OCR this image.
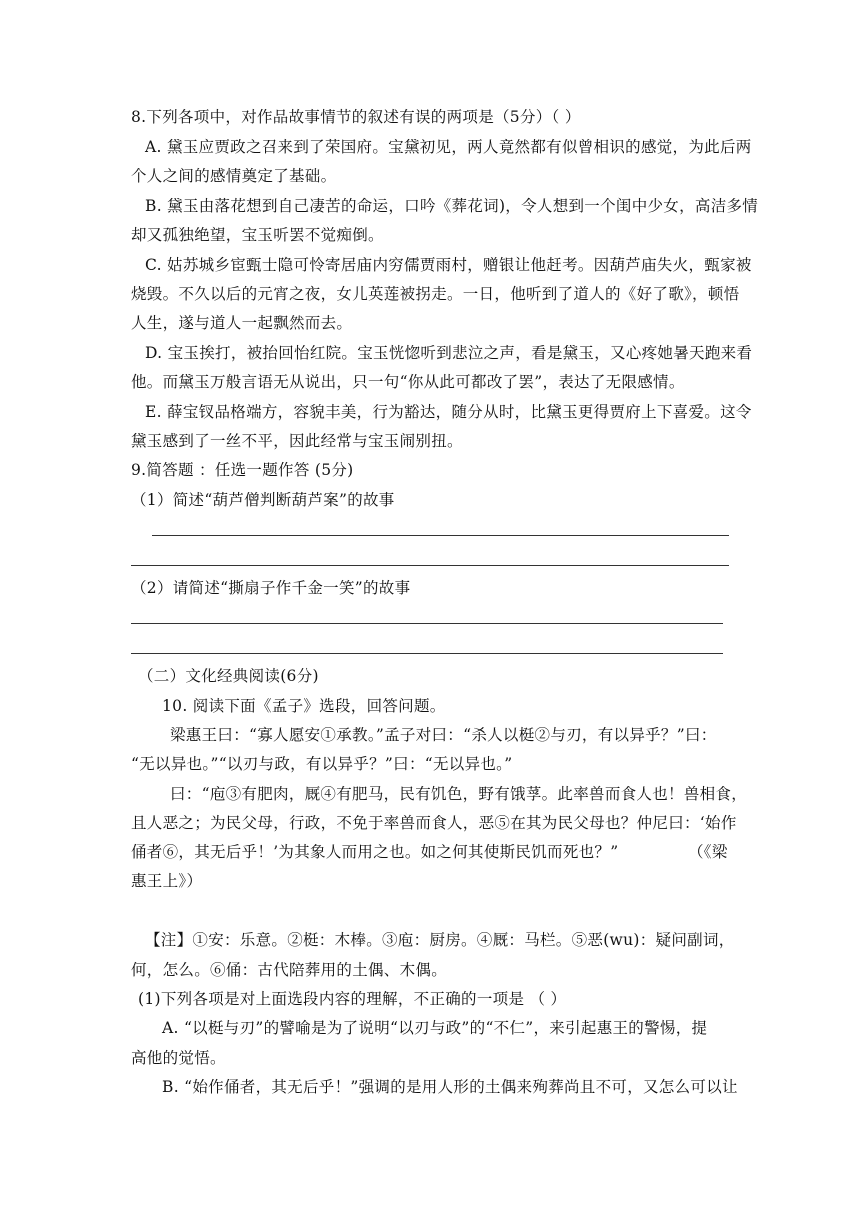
8.下列各项中，对作品故事情节的叙述有误的两项是（5分）（ ）
A. 黛玉应贾政之召来到了荣国府。宝黛初见，两人竟然都有似曾相识的感觉，为此后两
个人之间的感情奠定了基础。
B. 黛玉由落花想到自己凄苦的命运，口吟《葬花词)，令人想到一个闺中少女，高洁多情
却又孤独绝望，宝玉听罢不觉痴倒。
C. 姑苏城乡宦甄士隐可怜寄居庙内穷儒贾雨村，赠银让他赶考。因葫芦庙失火，甄家被
烧毁。不久以后的元宵之夜，女儿英莲被拐走。一日，他听到了道人的《好了歌》，顿悟
人生，遂与道人一起飘然而去。
D. 宝玉挨打，被抬回怡红院。宝玉恍惚听到悲泣之声，看是黛玉，又心疼她暑天跑来看
他。而黛玉万般言语无从说出，只一句“你从此可都改了罢”，表达了无限感情。
E. 薛宝钗品格端方，容貌丰美，行为豁达，随分从时，比黛玉更得贾府上下喜爱。这令
黛玉感到了一丝不平，因此经常与宝玉闹别扭。
9.简答题 ：任选一题作答 (5分)
（1）简述“葫芦僧判断葫芦案”的故事
（2）请简述“撕扇子作千金一笑”的故事
（二）文化经典阅读(6分)
10. 阅读下面《孟子》选段，回答问题。
梁惠王曰：“寡人愿安①承教。”孟子对曰：“杀人以梃②与刃，有以异乎？”曰：
“无以异也。”“以刃与政，有以异乎？”曰：“无以异也。”
曰：“庖③有肥肉，厩④有肥马，民有饥色，野有饿莩。此率兽而食人也！兽相食，
且人恶之；为民父母，行政，不免于率兽而食人，恶⑤在其为民父母也？仲尼曰：‘始作
俑者⑥，其无后乎！’为其象人而用之也。如之何其使斯民饥而死也？”	（《梁
惠王上》）
【注】①安：乐意。②梃：木棒。③庖：厨房。④厩：马栏。⑤恶(wu)：疑问副词，
何，怎么。⑥俑：古代陪葬用的土偶、木偶。
(1)下列各项是对上面选段内容的理解，不正确的一项是 （ ）
A. “以梃与刃”的譬喻是为了说明“以刃与政”的“不仁”，来引起惠王的警惕，提
高他的觉悟。
B. “始作俑者，其无后乎！”强调的是用人形的土偶来殉葬尚且不可，又怎么可以让
